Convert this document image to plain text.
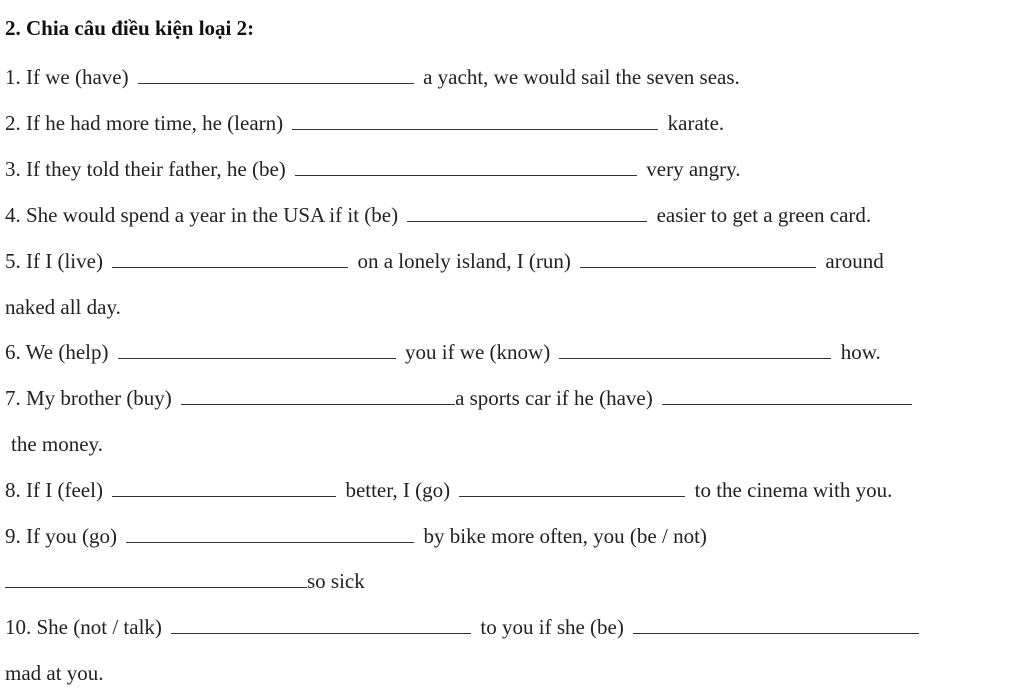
2. Chia câu điều kiện loại 2:
1. If we (have)	a yacht, we would sail the seven seas.
2. If he had more time, he (learn)	karate.
3. If they told their father, he (be)	very angry.
4. She would spend a year in the USA if it (be)	easier to get a green card.
5. If I (live)	on a lonely island, I (run)	around
naked all day.
6. We (help)	you if we (know)	how.
7. My brother (buy)	a sports car if he (have)
the money.
8. If I (feel)	better, I (go)	to the cinema with you.
9. If you (go)	by bike more often, you (be / not)
so sick
10. She (not / talk)	to you if she (be)
mad at you.
